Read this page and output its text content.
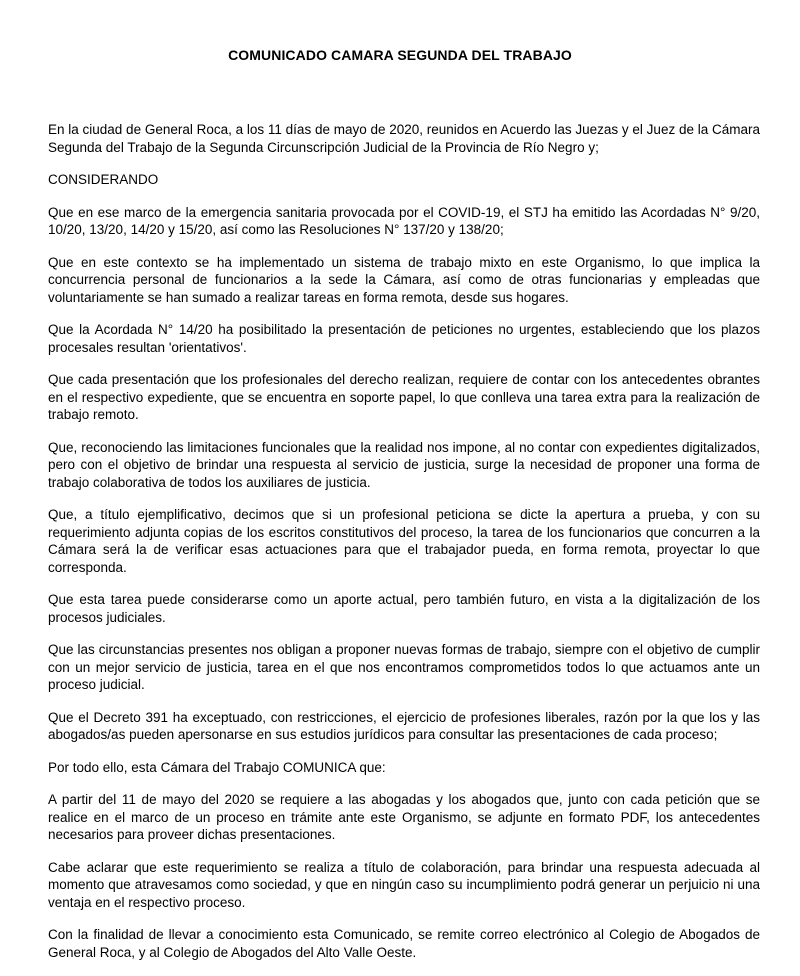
COMUNICADO CAMARA SEGUNDA DEL TRABAJO

En la ciudad de General Roca, a los 11 días de mayo de 2020, reunidos en Acuerdo las Juezas y el Juez de la Cámara Segunda del Trabajo de la Segunda Circunscripción Judicial de la Provincia de Río Negro y;

CONSIDERANDO

Que en ese marco de la emergencia sanitaria provocada por el COVID-19, el STJ ha emitido las Acordadas N° 9/20, 10/20, 13/20, 14/20 y 15/20, así como las Resoluciones N° 137/20 y 138/20;

Que en este contexto se ha implementado un sistema de trabajo mixto en este Organismo, lo que implica la concurrencia personal de funcionarios a la sede la Cámara, así como de otras funcionarias y empleadas que voluntariamente se han sumado a realizar tareas en forma remota, desde sus hogares.

Que la Acordada N° 14/20 ha posibilitado la presentación de peticiones no urgentes, estableciendo que los plazos procesales resultan 'orientativos'.

Que cada presentación que los profesionales del derecho realizan, requiere de contar con los antecedentes obrantes en el respectivo expediente, que se encuentra en soporte papel, lo que conlleva una tarea extra para la realización de trabajo remoto.

Que, reconociendo las limitaciones funcionales que la realidad nos impone, al no contar con expedientes digitalizados, pero con el objetivo de brindar una respuesta al servicio de justicia, surge la necesidad de proponer una forma de trabajo colaborativa de todos los auxiliares de justicia.

Que, a título ejemplificativo, decimos que si un profesional peticiona se dicte la apertura a prueba, y con su requerimiento adjunta copias de los escritos constitutivos del proceso, la tarea de los funcionarios que concurren a la Cámara será la de verificar esas actuaciones para que el trabajador pueda, en forma remota, proyectar lo que corresponda.

Que esta tarea puede considerarse como un aporte actual, pero también futuro, en vista a la digitalización de los procesos judiciales.

Que las circunstancias presentes nos obligan a proponer nuevas formas de trabajo, siempre con el objetivo de cumplir con un mejor servicio de justicia, tarea en el que nos encontramos comprometidos todos lo que actuamos ante un proceso judicial.

Que el Decreto 391 ha exceptuado, con restricciones, el ejercicio de profesiones liberales, razón por la que los y las abogados/as pueden apersonarse en sus estudios jurídicos para consultar las presentaciones de cada proceso;

Por todo ello, esta Cámara del Trabajo COMUNICA que:

A partir del 11 de mayo del 2020 se requiere a las abogadas y los abogados que, junto con cada petición que se realice en el marco de un proceso en trámite ante este Organismo, se adjunte en formato PDF, los antecedentes necesarios para proveer dichas presentaciones.

Cabe aclarar que este requerimiento se realiza a título de colaboración, para brindar una respuesta adecuada al momento que atravesamos como sociedad, y que en ningún caso su incumplimiento podrá generar un perjuicio ni una ventaja en el respectivo proceso.

Con la finalidad de llevar a conocimiento esta Comunicado, se remite correo electrónico al Colegio de Abogados de General Roca, y al Colegio de Abogados del Alto Valle Oeste.
